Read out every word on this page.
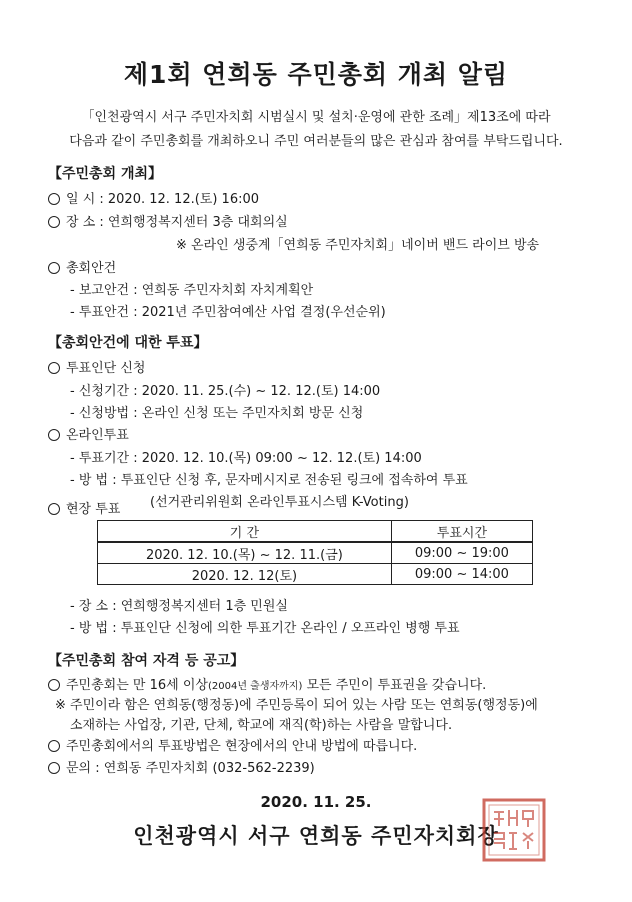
제1회 연희동 주민총회 개최 알림
「인천광역시 서구 주민자치회 시범실시 및 설치·운영에 관한 조례」제13조에 따라
다음과 같이 주민총회를 개최하오니 주민 여러분들의 많은 관심과 참여를 부탁드립니다.
【주민총회 개최】
일 시 : 2020. 12. 12.(토) 16:00
장 소 : 연희행정복지센터 3층 대회의실
※ 온라인 생중계「연희동 주민자치회」네이버 밴드 라이브 방송
총회안건
- 보고안건 : 연희동 주민자치회 자치계획안
- 투표안건 : 2021년 주민참여예산 사업 결정(우선순위)
【총회안건에 대한 투표】
투표인단 신청
- 신청기간 : 2020. 11. 25.(수) ~ 12. 12.(토) 14:00
- 신청방법 : 온라인 신청 또는 주민자치회 방문 신청
온라인투표
- 투표기간 : 2020. 12. 10.(목) 09:00 ~ 12. 12.(토) 14:00
- 방 법 : 투표인단 신청 후, 문자메시지로 전송된 링크에 접속하여 투표
(선거관리위원회 온라인투표시스템 K-Voting)
현장 투표
기 간	투표시간
2020. 12. 10.(목) ~ 12. 11.(금)	09:00 ~ 19:00
2020. 12. 12(토)	09:00 ~ 14:00
- 장 소 : 연희행정복지센터 1층 민원실
- 방 법 : 투표인단 신청에 의한 투표기간 온라인 / 오프라인 병행 투표
【주민총회 참여 자격 등 공고】
주민총회는 만 16세 이상(2004년 출생자까지) 모든 주민이 투표권을 갖습니다.
※ 주민이라 함은 연희동(행정동)에 주민등록이 되어 있는 사람 또는 연희동(행정동)에
소재하는 사업장, 기관, 단체, 학교에 재직(학)하는 사람을 말합니다.
주민총회에서의 투표방법은 현장에서의 안내 방법에 따릅니다.
문의 : 연희동 주민자치회 (032-562-2239)
2020. 11. 25.
인천광역시 서구 연희동 주민자치회장
